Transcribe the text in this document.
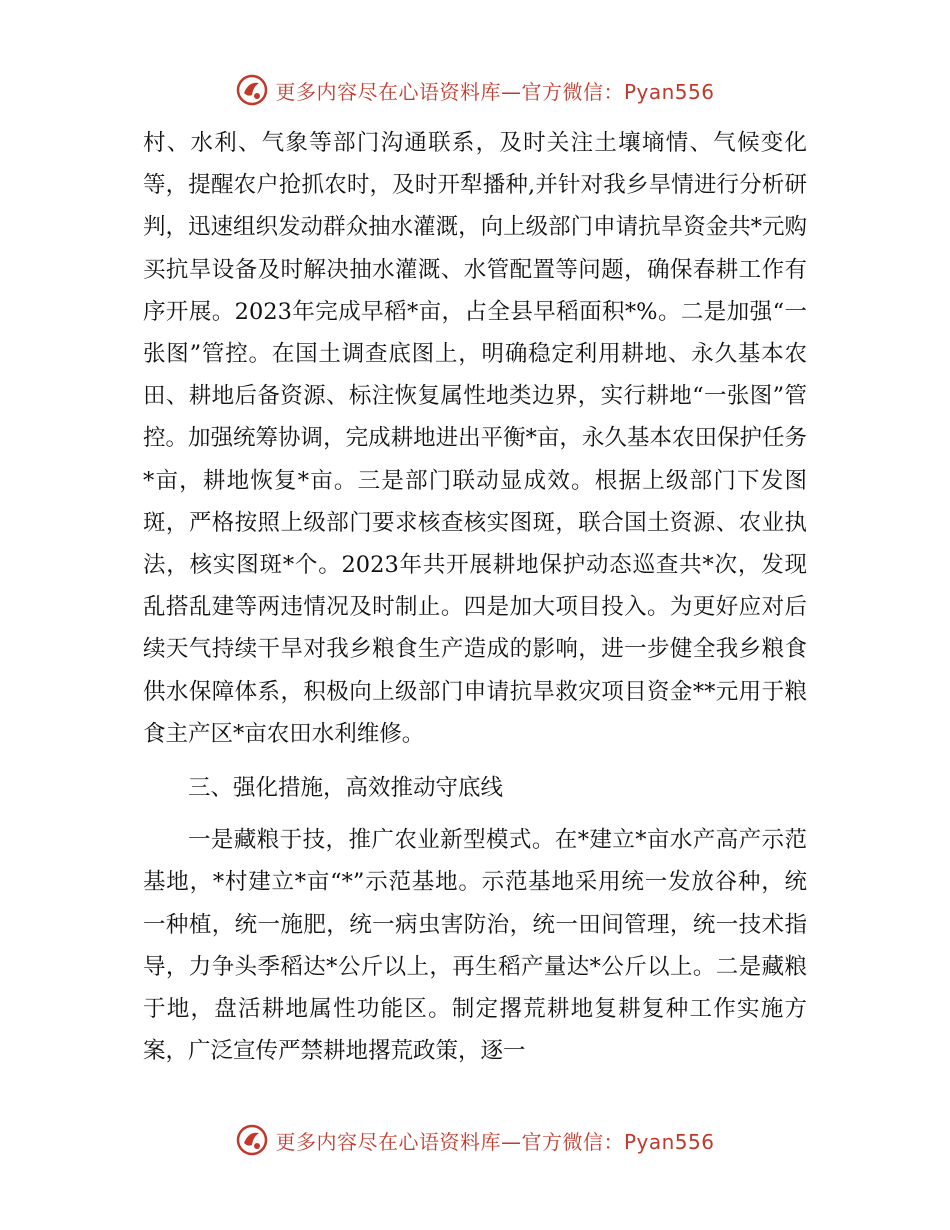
更多内容尽在心语资料库—官方微信：Pyan556

村、水利、气象等部门沟通联系，及时关注土壤墒情、气候变化等，提醒农户抢抓农时，及时开犁播种,并针对我乡旱情进行分析研判，迅速组织发动群众抽水灌溉，向上级部门申请抗旱资金共*元购买抗旱设备及时解决抽水灌溉、水管配置等问题，确保春耕工作有序开展。2023年完成早稻*亩，占全县早稻面积*%。二是加强“一张图”管控。在国土调查底图上，明确稳定利用耕地、永久基本农田、耕地后备资源、标注恢复属性地类边界，实行耕地“一张图”管控。加强统筹协调，完成耕地进出平衡*亩，永久基本农田保护任务*亩，耕地恢复*亩。三是部门联动显成效。根据上级部门下发图斑，严格按照上级部门要求核查核实图斑，联合国土资源、农业执法，核实图斑*个。2023年共开展耕地保护动态巡查共*次，发现乱搭乱建等两违情况及时制止。四是加大项目投入。为更好应对后续天气持续干旱对我乡粮食生产造成的影响，进一步健全我乡粮食供水保障体系，积极向上级部门申请抗旱救灾项目资金**元用于粮食主产区*亩农田水利维修。

三、强化措施，高效推动守底线

一是藏粮于技，推广农业新型模式。在*建立*亩水产高产示范基地，*村建立*亩“*”示范基地。示范基地采用统一发放谷种，统一种植，统一施肥，统一病虫害防治，统一田间管理，统一技术指导，力争头季稻达*公斤以上，再生稻产量达*公斤以上。二是藏粮于地，盘活耕地属性功能区。制定撂荒耕地复耕复种工作实施方案，广泛宣传严禁耕地撂荒政策，逐一

更多内容尽在心语资料库—官方微信：Pyan556
